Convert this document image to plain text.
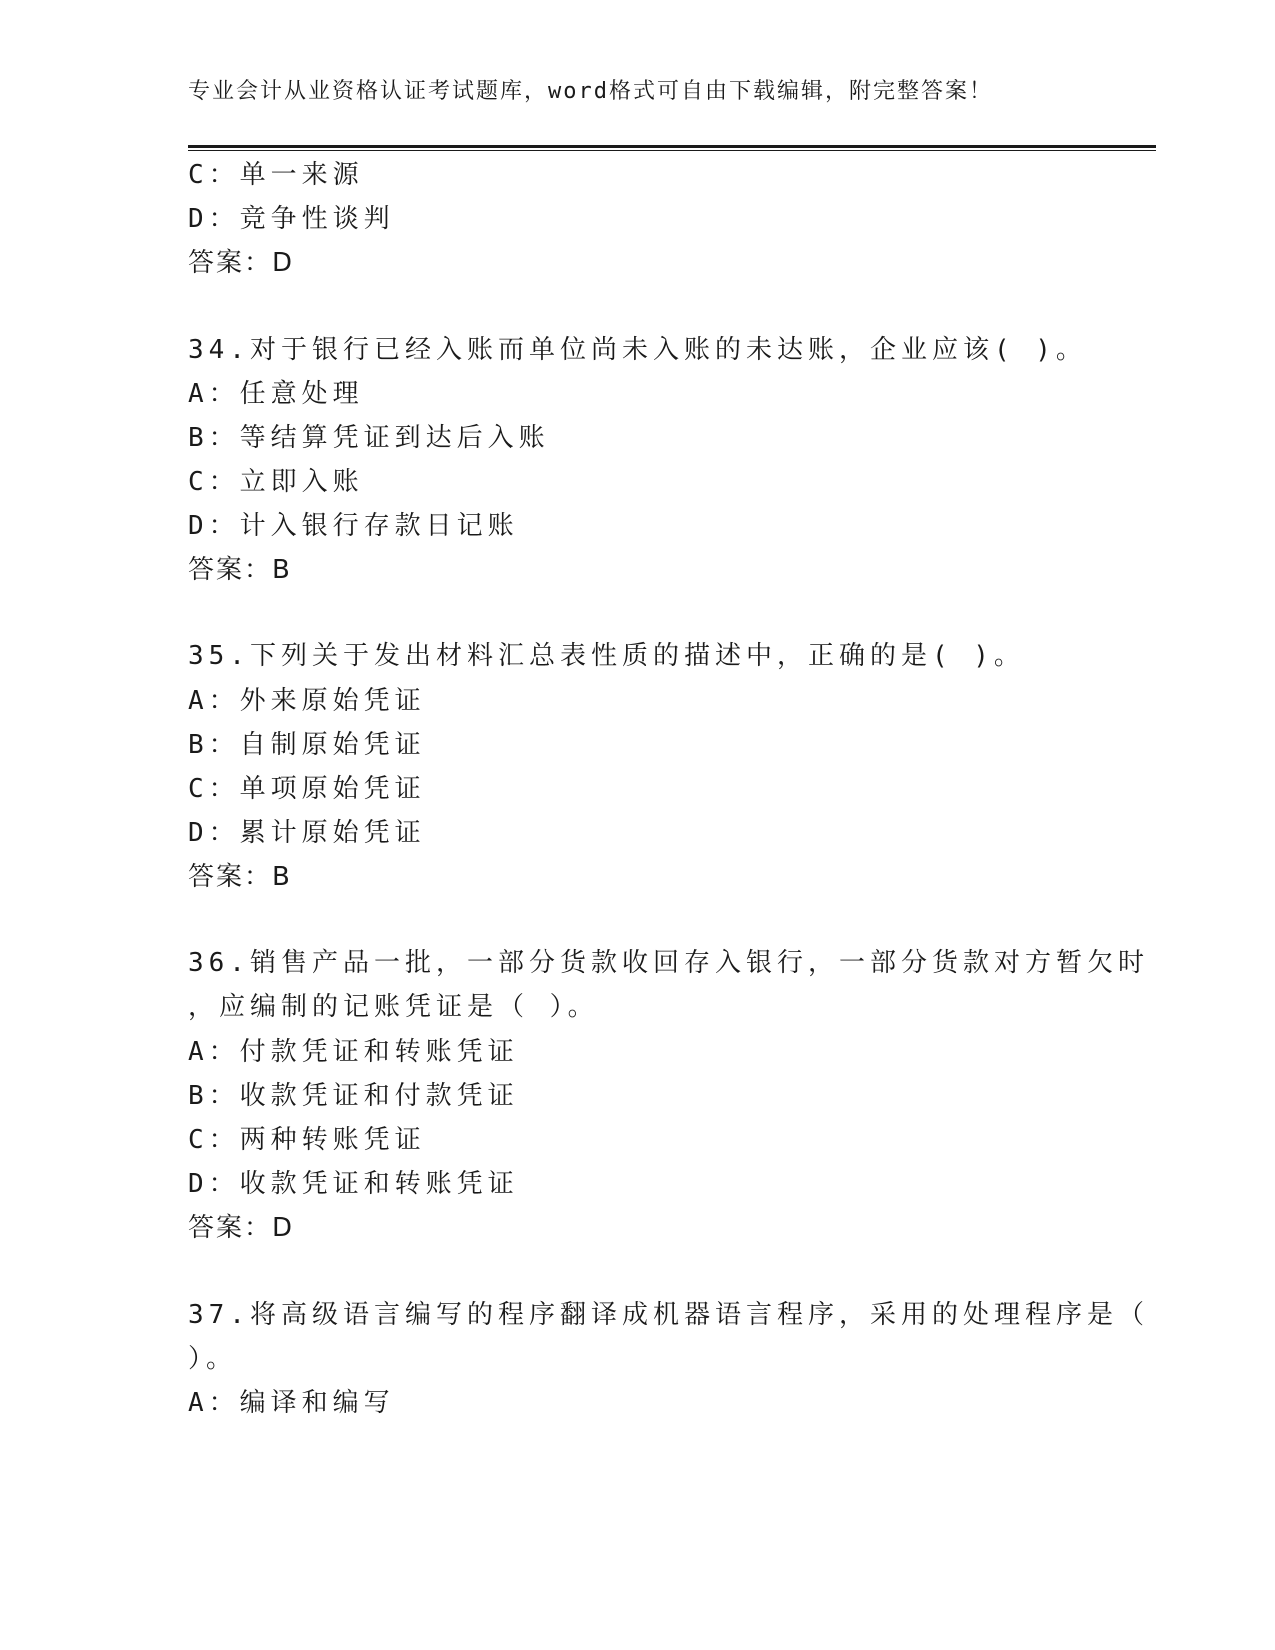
专业会计从业资格认证考试题库，word格式可自由下载编辑，附完整答案！
C：单一来源
D：竞争性谈判
答案：D
34.对于银行已经入账而单位尚未入账的未达账，企业应该( )。
A：任意处理
B：等结算凭证到达后入账
C：立即入账
D：计入银行存款日记账
答案：B
35.下列关于发出材料汇总表性质的描述中，正确的是( )。
A：外来原始凭证
B：自制原始凭证
C：单项原始凭证
D：累计原始凭证
答案：B
36.销售产品一批，一部分货款收回存入银行，一部分货款对方暂欠时
，应编制的记账凭证是（ ）。
A：付款凭证和转账凭证
B：收款凭证和付款凭证
C：两种转账凭证
D：收款凭证和转账凭证
答案：D
37.将高级语言编写的程序翻译成机器语言程序，采用的处理程序是（
）。
A：编译和编写
